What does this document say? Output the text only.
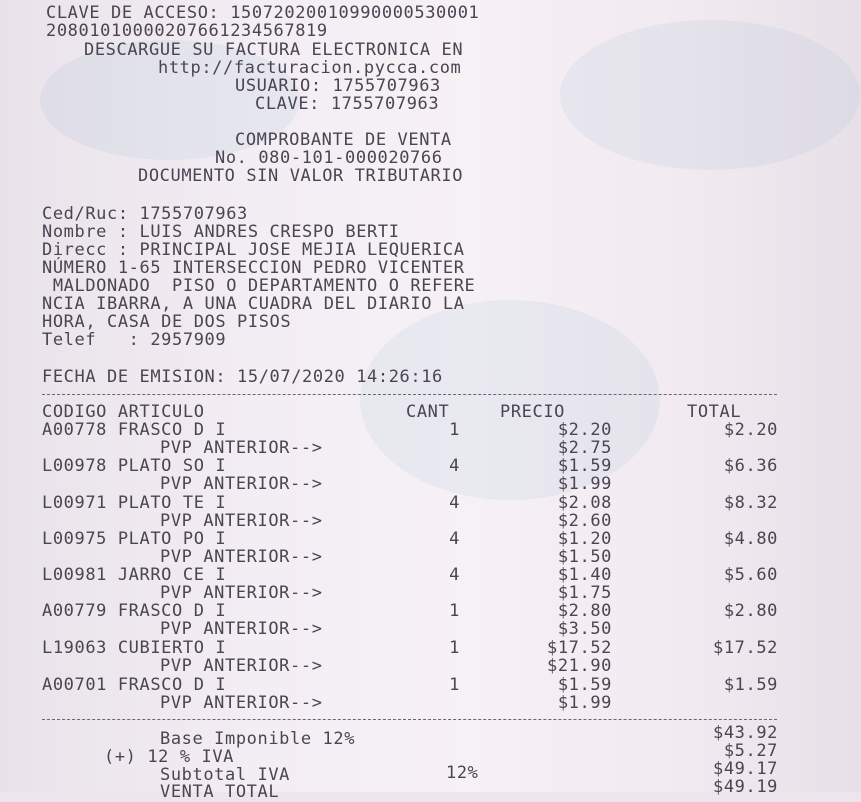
CLAVE DE ACCESO: 1507202001099000053000​1
2080101000020766123456781​9
DESCARGUE SU FACTURA ELECTRONICA EN
http://facturacion.pycca.com
USUARIO: 1755707963
CLAVE: 1755707963
COMPROBANTE DE VENTA
No. 080-101-000020766
DOCUMENTO SIN VALOR TRIBUTARIO
Ced/Ruc: 1755707963
Nombre : LUIS ANDRES CRESPO BERTI
Direcc : PRINCIPAL JOSE MEJIA LEQUERICA
NÚMERO 1-65 INTERSECCION PEDRO VICENTER
MALDONADO  PISO O DEPARTAMENTO O REFERE
NCIA IBARRA, A UNA CUADRA DEL DIARIO LA
HORA, CASA DE DOS PISOS
Telef   : 2957909
FECHA DE EMISION: 15/07/2020 14:26:16
CODIGO ARTICULO	CANT	PRECIO	TOTAL
A00778 FRASCO D I	1	$2.20	$2.20
PVP ANTERIOR-->	$2.75
L00978 PLATO SO I	4	$1.59	$6.36
PVP ANTERIOR-->	$1.99
L00971 PLATO TE I	4	$2.08	$8.32
PVP ANTERIOR-->	$2.60
L00975 PLATO PO I	4	$1.20	$4.80
PVP ANTERIOR-->	$1.50
L00981 JARRO CE I	4	$1.40	$5.60
PVP ANTERIOR-->	$1.75
A00779 FRASCO D I	1	$2.80	$2.80
PVP ANTERIOR-->	$3.50
L19063 CUBIERTO I	1	$17.52	$17.52
PVP ANTERIOR-->	$21.90
A00701 FRASCO D I	1	$1.59	$1.59
PVP ANTERIOR-->	$1.99
Base Imponible 12%	$43.92
(+) 12 % IVA	$5.27
Subtotal IVA	12%	$49.17
VENTA TOTAL	$49.19
